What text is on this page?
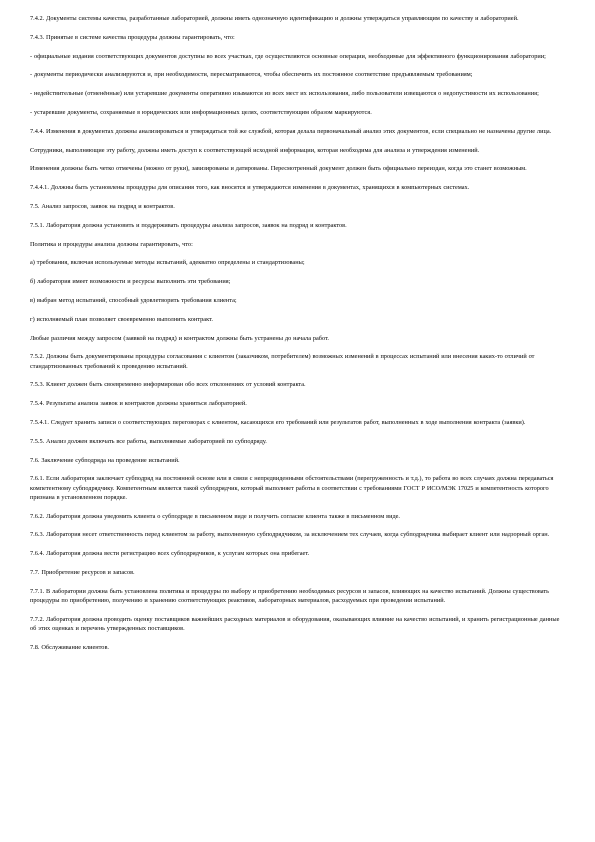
7.4.2. Документы системы качества, разработанные лабораторией, должны иметь однозначную идентификацию и должны утверждаться управляющим по качеству и лабораторией.

7.4.3. Принятые в системе качества процедуры должны гарантировать, что:

- официальные издания соответствующих документов доступны во всех участках, где осуществляются основные операции, необходимые для эффективного функционирования лаборатории;

- документы периодически анализируются и, при необходимости, пересматриваются, чтобы обеспечить их постоянное соответствие предъявляемым требованиям;

- недействительные (отменённые) или устаревшие документы оперативно изымаются из всех мест их использования, либо пользователи извещаются о недопустимости их использования;

- устаревшие документы, сохраняемые в юридических или информационных целях, соответствующим образом маркируются.

7.4.4. Изменения в документах должны анализироваться и утверждаться той же службой, которая делала первоначальный анализ этих документов, если специально не назначены другие лица.

Сотрудники, выполняющие эту работу, должны иметь доступ к соответствующей исходной информации, которая необходима для анализа и утверждения изменений.

Изменения должны быть четко отмечены (можно от руки), завизированы и датированы. Пересмотренный документ должен быть официально переиздан, когда это станет возможным.

7.4.4.1. Должны быть установлены процедуры для описания того, как вносятся и утверждаются изменения в документах, хранящихся в компьютерных системах.

7.5. Анализ запросов, заявок на подряд и контрактов.

7.5.1. Лаборатория должна установить и поддерживать процедуры анализа запросов, заявок на подряд и контрактов.

Политика и процедуры анализа должны гарантировать, что:

а) требования, включая используемые методы испытаний, адекватно определены и стандартизованы;

б) лаборатория имеет возможности и ресурсы выполнить эти требования;

в) выбран метод испытаний, способный удовлетворить требования клиента;

г) исполняемый план позволяет своевременно выполнить контракт.

Любые различия между запросом (заявкой на подряд) и контрактом должны быть устранены до начала работ.

7.5.2. Должны быть документированы процедуры согласования с клиентом (заказчиком, потребителем) возможных изменений в процессах испытаний или внесения каких-то отличий от стандартизованных требований к проведению испытаний.

7.5.3. Клиент должен быть своевременно информирован обо всех отклонениях от условий контракта.

7.5.4. Результаты анализа заявок и контрактов должны храниться лабораторией.

7.5.4.1. Следует хранить записи о соответствующих переговорах с клиентом, касающихся его требований или результатов работ, выполненных в ходе выполнения контракта (заявки).

7.5.5. Анализ должен включать все работы, выполняемые лабораторией по субподряду.

7.6. Заключение субподряда на проведение испытаний.

7.6.1. Если лаборатория заключает субподряд на постоянной основе или в связи с непредвиденными обстоятельствами (перегруженность и т.д.), то работа во всех случаях должна передаваться компетентному субподрядчику. Компетентным является такой субподрядчик, который выполняет работы в соответствии с требованиями ГОСТ Р ИСО/МЭК 17025 и компетентность которого признана в установленном порядке.

7.6.2. Лаборатория должна уведомить клиента о субподряде в письменном виде и получить согласие клиента также в письменном виде.

7.6.3. Лаборатория несет ответственность перед клиентом за работу, выполненную субподрядчиком, за исключением тех случаев, когда субподрядчика выбирает клиент или надзорный орган.

7.6.4. Лаборатория должна вести регистрацию всех субподрядчиков, к услугам которых она прибегает.

7.7. Приобретение ресурсов и запасов.

7.7.1. В лаборатории должна быть установлена политика и процедуры по выбору и приобретению необходимых ресурсов и запасов, влияющих на качество испытаний. Должны существовать процедуры по приобретению, получению и хранению соответствующих реактивов, лабораторных материалов, расходуемых при проведении испытаний.

7.7.2. Лаборатория должна проводить оценку поставщиков важнейших расходных материалов и оборудования, оказывающих влияние на качество испытаний, и хранить регистрационные данные об этих оценках и перечень утвержденных поставщиков.

7.8. Обслуживание клиентов.
